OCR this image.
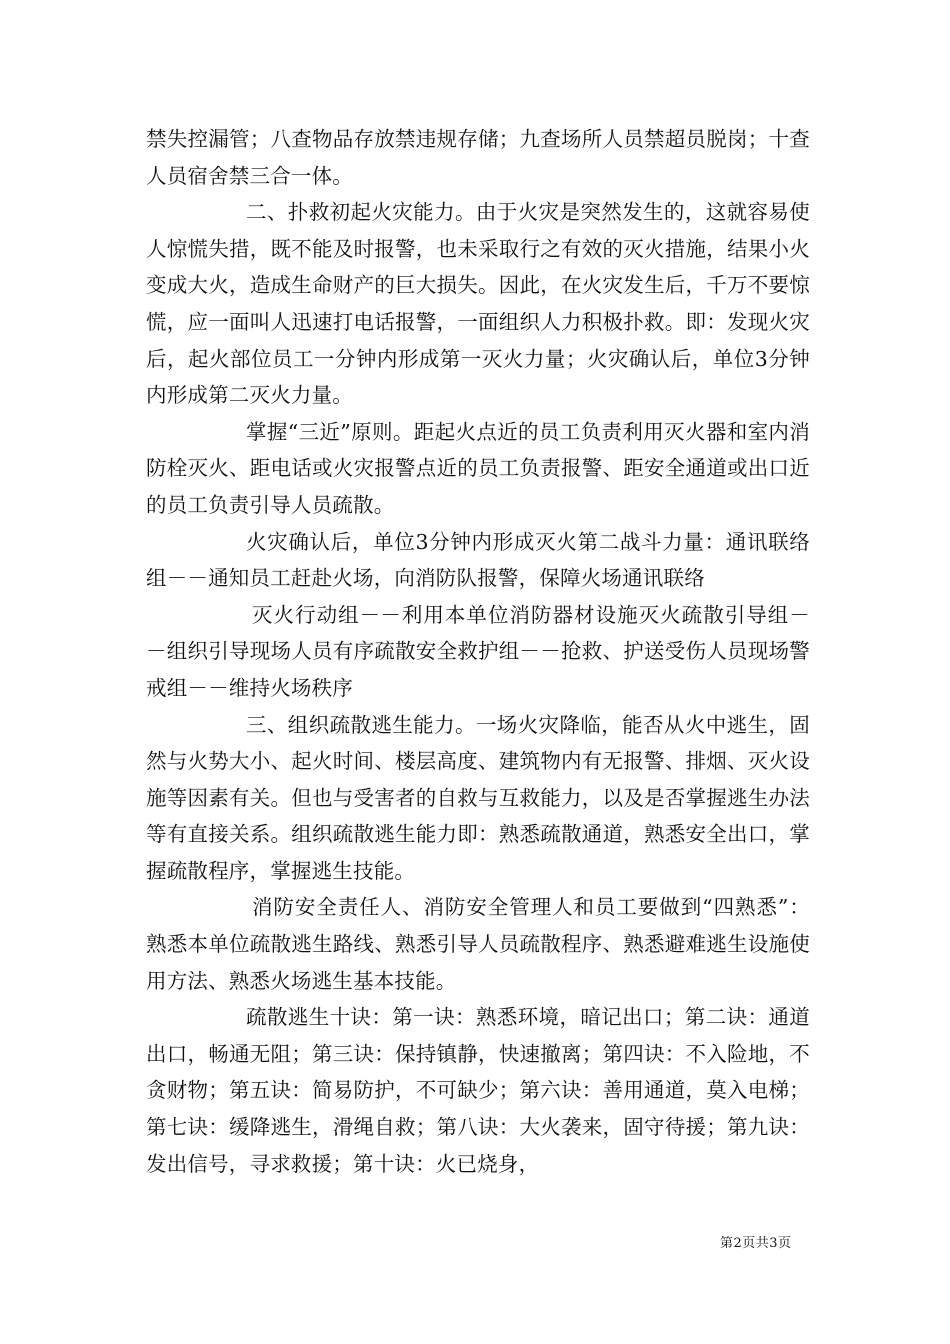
禁失控漏管；八查物品存放禁违规存储；九查场所人员禁超员脱岗；十查人员宿舍禁三合一体。

二、扑救初起火灾能力。由于火灾是突然发生的，这就容易使人惊慌失措，既不能及时报警，也未采取行之有效的灭火措施，结果小火变成大火，造成生命财产的巨大损失。因此，在火灾发生后，千万不要惊慌，应一面叫人迅速打电话报警，一面组织人力积极扑救。即：发现火灾后，起火部位员工一分钟内形成第一灭火力量；火灾确认后，单位3分钟内形成第二灭火力量。

掌握“三近”原则。距起火点近的员工负责利用灭火器和室内消防栓灭火、距电话或火灾报警点近的员工负责报警、距安全通道或出口近的员工负责引导人员疏散。

火灾确认后，单位3分钟内形成灭火第二战斗力量：通讯联络组－－通知员工赶赴火场，向消防队报警，保障火场通讯联络

灭火行动组－－利用本单位消防器材设施灭火疏散引导组－－组织引导现场人员有序疏散安全救护组－－抢救、护送受伤人员现场警戒组－－维持火场秩序

三、组织疏散逃生能力。一场火灾降临，能否从火中逃生，固然与火势大小、起火时间、楼层高度、建筑物内有无报警、排烟、灭火设施等因素有关。但也与受害者的自救与互救能力，以及是否掌握逃生办法等有直接关系。组织疏散逃生能力即：熟悉疏散通道，熟悉安全出口，掌握疏散程序，掌握逃生技能。

消防安全责任人、消防安全管理人和员工要做到“四熟悉”：熟悉本单位疏散逃生路线、熟悉引导人员疏散程序、熟悉避难逃生设施使用方法、熟悉火场逃生基本技能。

疏散逃生十诀：第一诀：熟悉环境，暗记出口；第二诀：通道出口，畅通无阻；第三诀：保持镇静，快速撤离；第四诀：不入险地，不贪财物；第五诀：简易防护，不可缺少；第六诀：善用通道，莫入电梯；第七诀：缓降逃生，滑绳自救；第八诀：大火袭来，固守待援；第九诀：发出信号，寻求救援；第十诀：火已烧身，

第2页共3页
